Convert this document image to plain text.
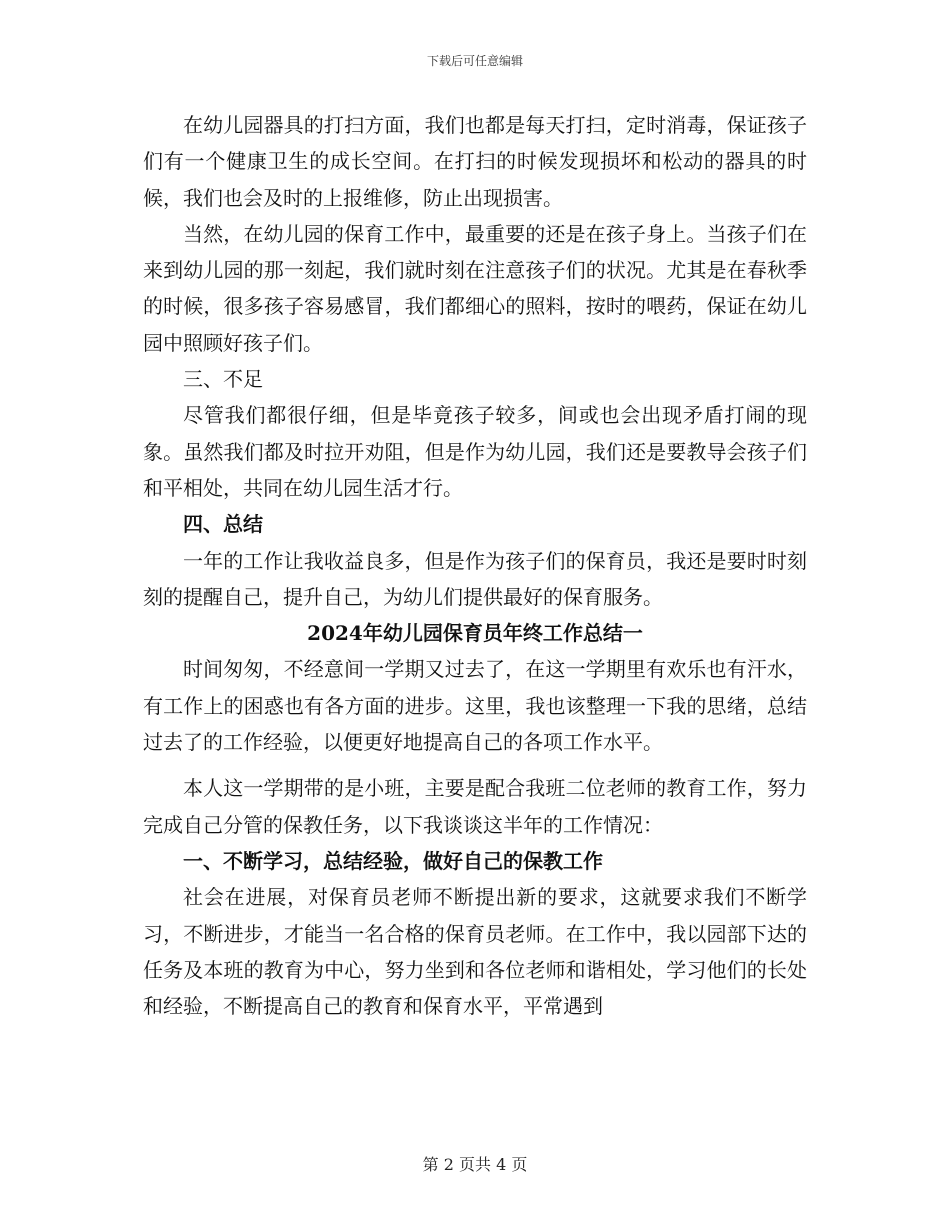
下载后可任意编辑

在幼儿园器具的打扫方面，我们也都是每天打扫，定时消毒，保证孩子们有一个健康卫生的成长空间。在打扫的时候发现损坏和松动的器具的时候，我们也会及时的上报维修，防止出现损害。

当然，在幼儿园的保育工作中，最重要的还是在孩子身上。当孩子们在来到幼儿园的那一刻起，我们就时刻在注意孩子们的状况。尤其是在春秋季的时候，很多孩子容易感冒，我们都细心的照料，按时的喂药，保证在幼儿园中照顾好孩子们。

三、不足

尽管我们都很仔细，但是毕竟孩子较多，间或也会出现矛盾打闹的现象。虽然我们都及时拉开劝阻，但是作为幼儿园，我们还是要教导会孩子们和平相处，共同在幼儿园生活才行。

四、总结

一年的工作让我收益良多，但是作为孩子们的保育员，我还是要时时刻刻的提醒自己，提升自己，为幼儿们提供最好的保育服务。

2024年幼儿园保育员年终工作总结一

时间匆匆，不经意间一学期又过去了，在这一学期里有欢乐也有汗水，有工作上的困惑也有各方面的进步。这里，我也该整理一下我的思绪，总结过去了的工作经验，以便更好地提高自己的各项工作水平。

本人这一学期带的是小班，主要是配合我班二位老师的教育工作，努力完成自己分管的保教任务，以下我谈谈这半年的工作情况：

一、不断学习，总结经验，做好自己的保教工作

社会在进展，对保育员老师不断提出新的要求，这就要求我们不断学习，不断进步，才能当一名合格的保育员老师。在工作中，我以园部下达的任务及本班的教育为中心，努力坐到和各位老师和谐相处，学习他们的长处和经验，不断提高自己的教育和保育水平，平常遇到

第 2 页共 4 页
